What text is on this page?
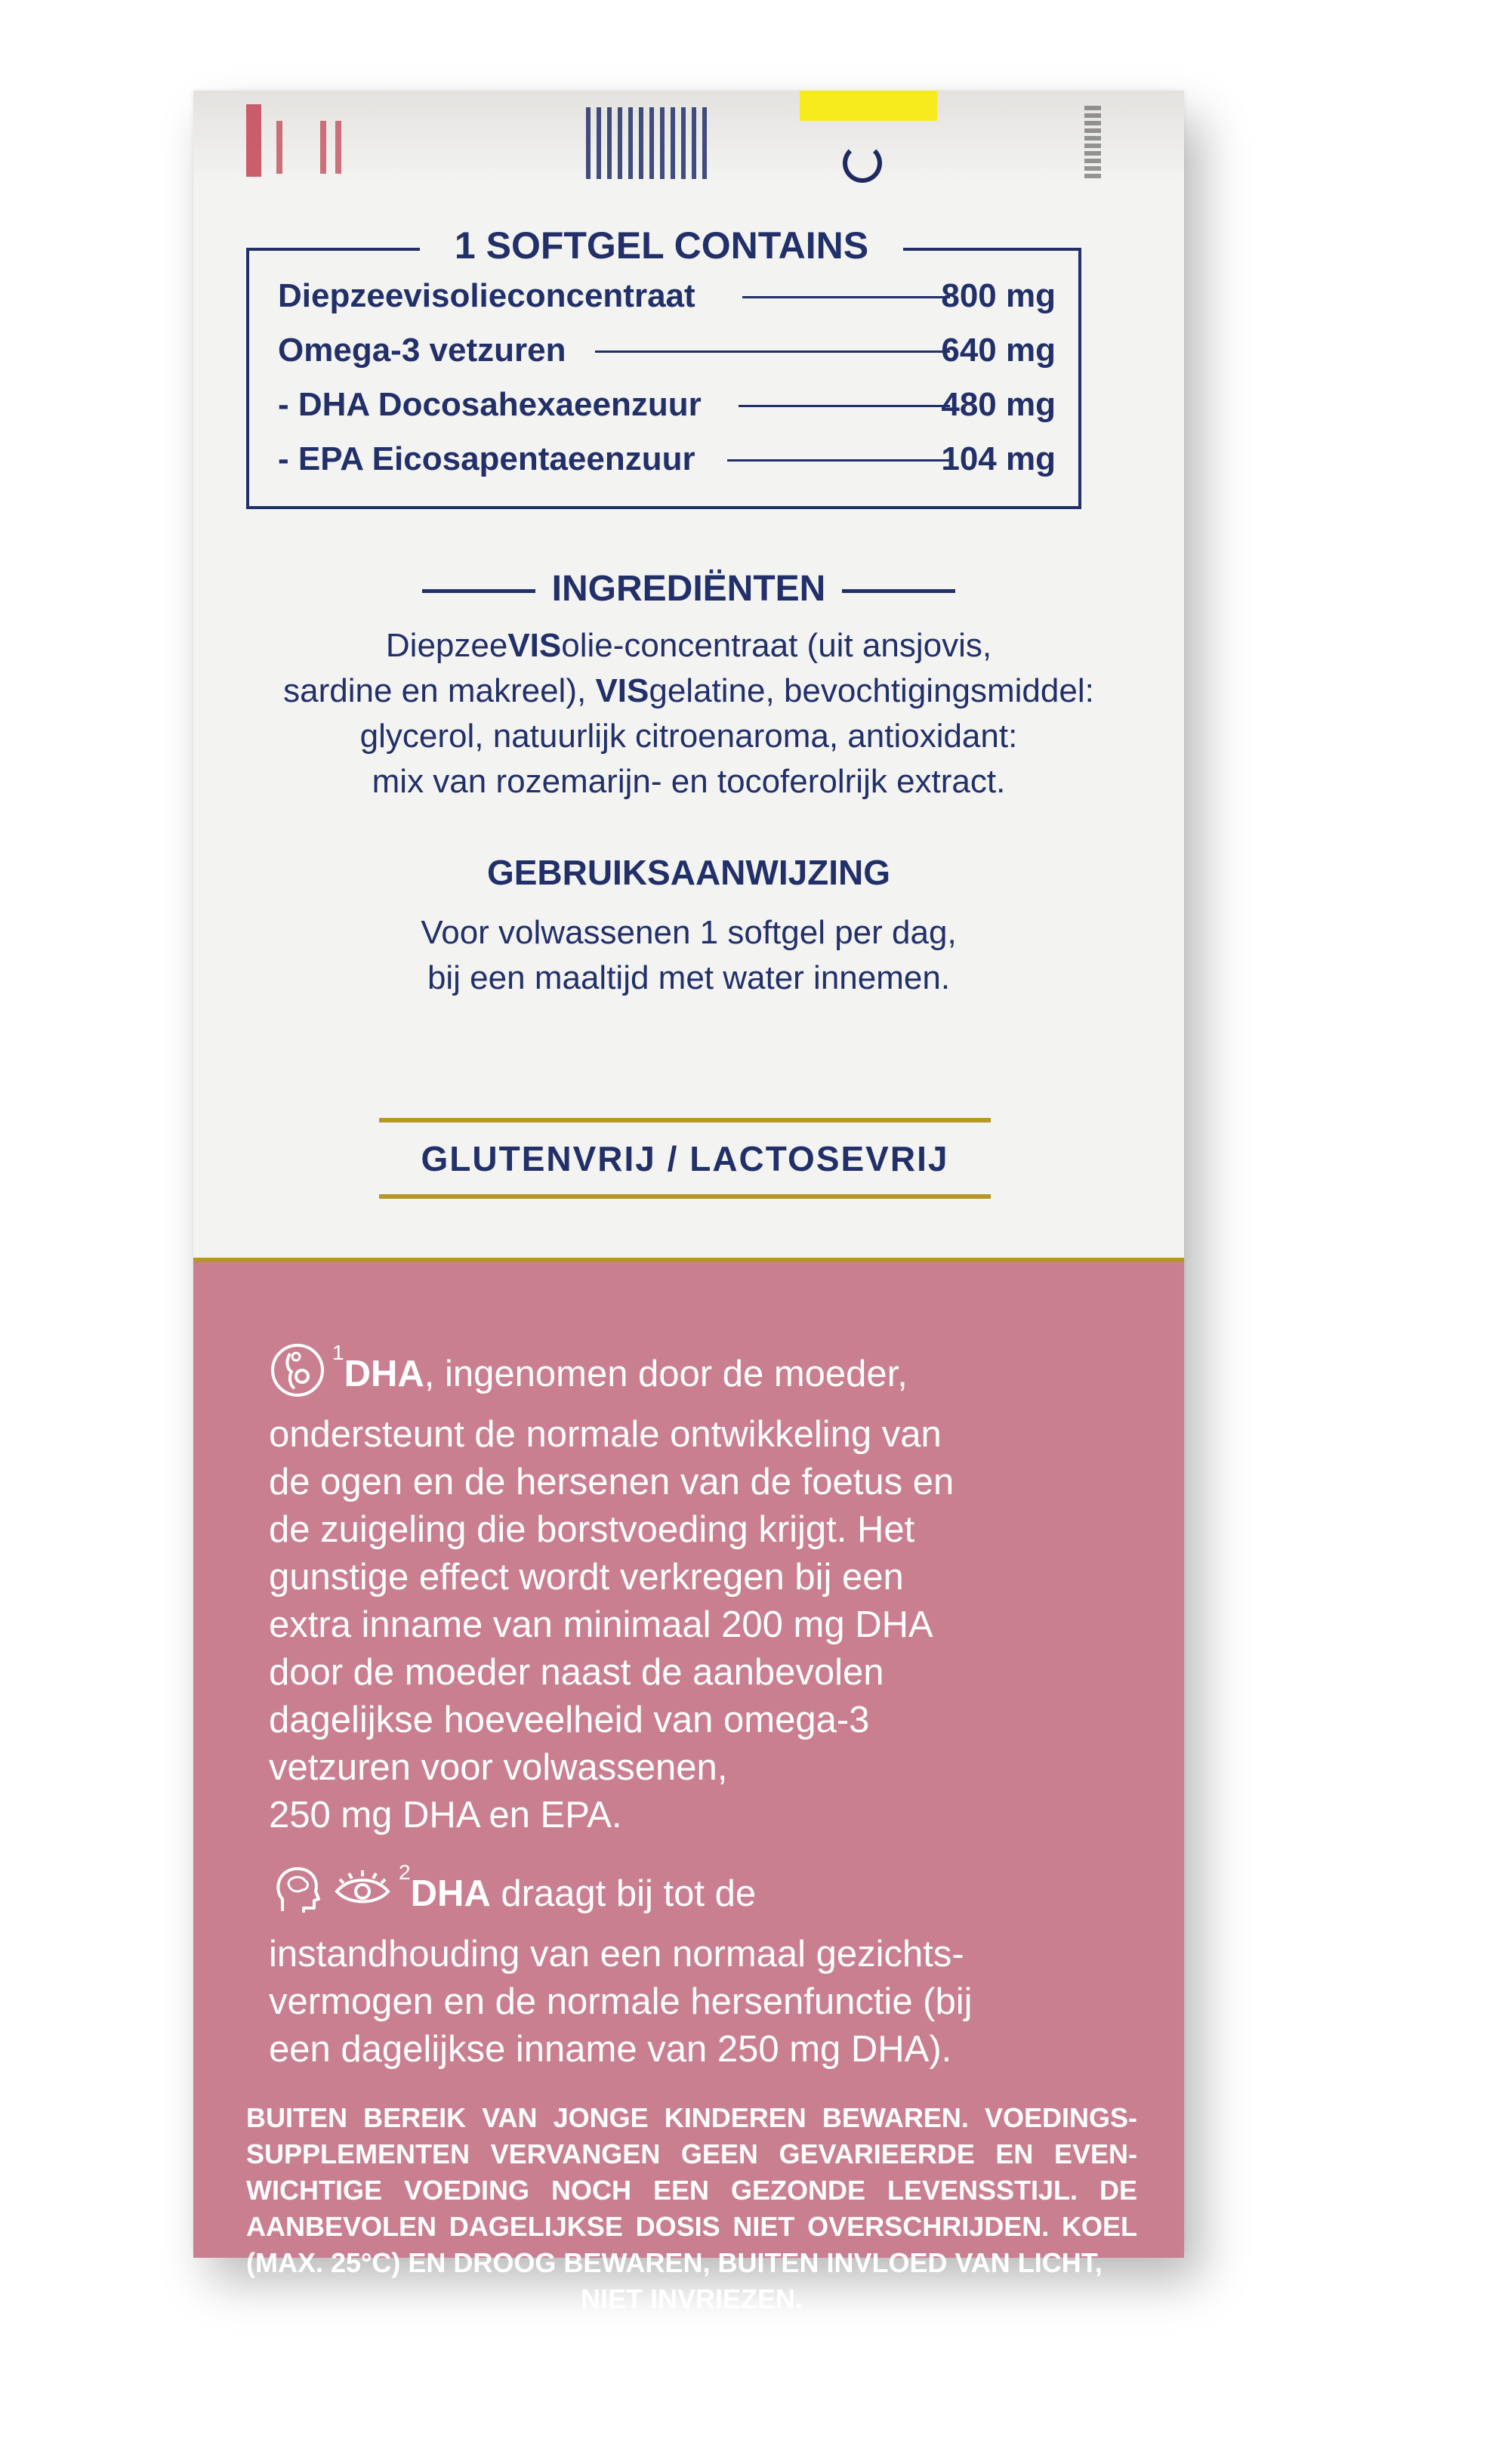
Diepzeevisolieconcentraat	800 mg
Omega-3 vetzuren	640 mg
- DHA Docosahexaeenzuur	480 mg
- EPA Eicosapentaeenzuur	104 mg
1 SOFTGEL CONTAINS
INGREDIËNTEN
DiepzeeVISolie-concentraat (uit ansjovis,
sardine en makreel), VISgelatine, bevochtigingsmiddel:
glycerol, natuurlijk citroenaroma, antioxidant:
mix van rozemarijn- en tocoferolrijk extract.
GEBRUIKSAANWIJZING
Voor volwassenen 1 softgel per dag,
bij een maaltijd met water innemen.
GLUTENVRIJ / LACTOSEVRIJ
$^1$DHA, ingenomen door de moeder,
ondersteunt de normale ontwikkeling van
de ogen en de hersenen van de foetus en
de zuigeling die borstvoeding krijgt. Het
gunstige effect wordt verkregen bij een
extra inname van minimaal 200 mg DHA
door de moeder naast de aanbevolen
dagelijkse hoeveelheid van omega-3
vetzuren voor volwassenen,
250 mg DHA en EPA.
$^2$DHA draagt bij tot de
instandhouding van een normaal gezichts-
vermogen en de normale hersenfunctie (bij
een dagelijkse inname van 250 mg DHA).
BUITEN BEREIK VAN JONGE KINDEREN BEWAREN. VOEDINGS-SUPPLEMENTEN VERVANGEN GEEN GEVARIEERDE EN EVEN-WICHTIGE VOEDING NOCH EEN GEZONDE LEVENSSTIJL. DE AANBEVOLEN DAGELIJKSE DOSIS NIET OVERSCHRIJDEN. KOEL (MAX. 25°C) EN DROOG BEWAREN, BUITEN INVLOED VAN LICHT,
NIET INVRIEZEN.
